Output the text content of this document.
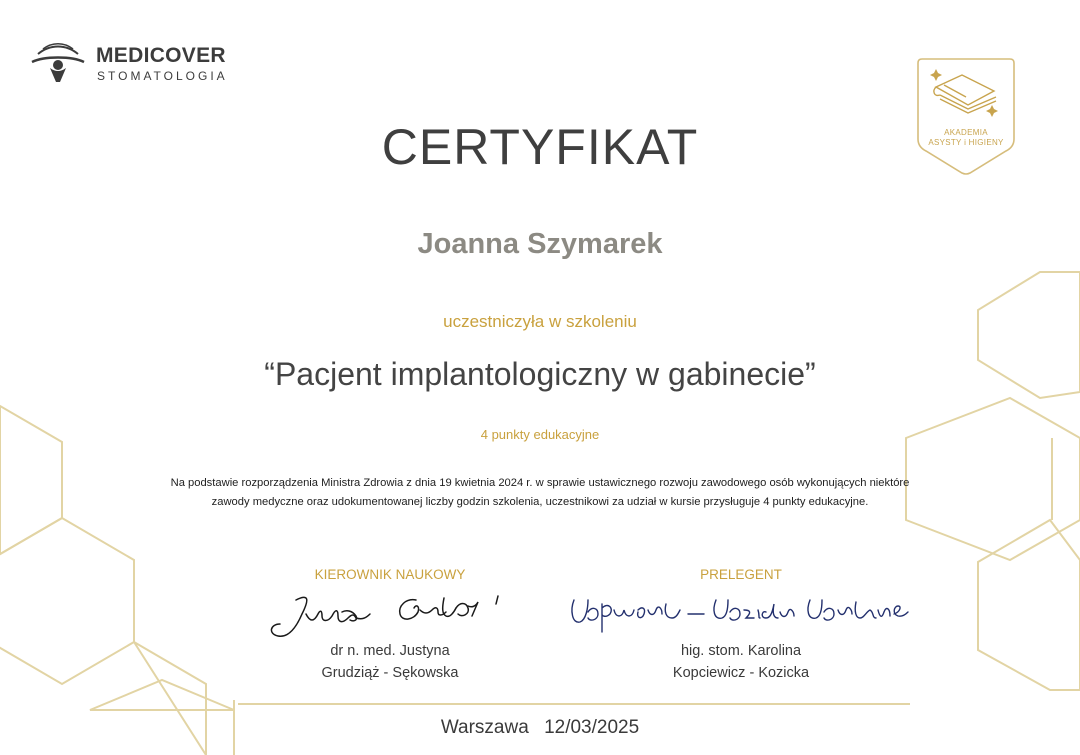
MEDICOVER
STOMATOLOGIA
AKADEMIA
ASYSTY i HIGIENY
CERTYFIKAT
Joanna Szymarek
uczestniczyła w szkoleniu
“Pacjent implantologiczny w gabinecie”
4 punkty edukacyjne
Na podstawie rozporządzenia Ministra Zdrowia z dnia 19 kwietnia 2024 r. w sprawie ustawicznego rozwoju zawodowego osób wykonujących niektóre zawody medyczne oraz udokumentowanej liczby godzin szkolenia, uczestnikowi za udział w kursie przysługuje 4 punkty edukacyjne.
KIEROWNIK NAUKOWY
dr n. med. Justyna
Grudziąż - Sękowska
PRELEGENT
hig. stom. Karolina
Kopciewicz - Kozicka
Warszawa 12/03/2025
